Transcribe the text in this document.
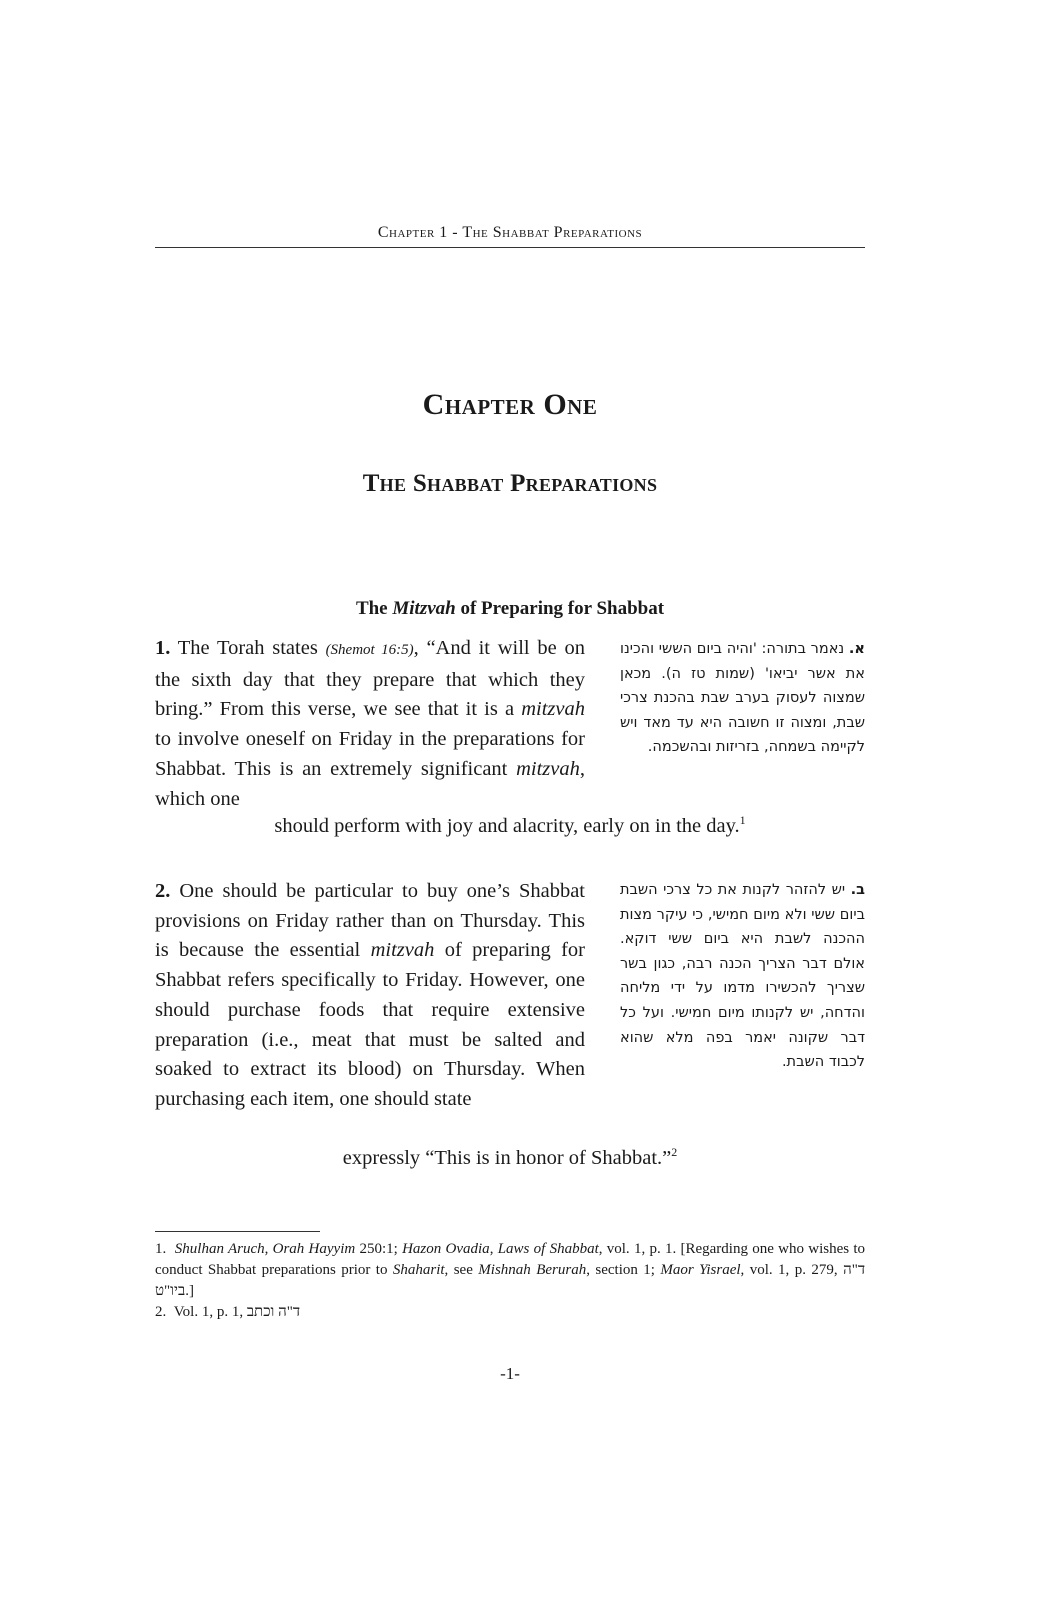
Chapter 1 - The Shabbat Preparations
Chapter One
The Shabbat Preparations
The Mitzvah of Preparing for Shabbat
1. The Torah states (Shemot 16:5), “And it will be on the sixth day that they prepare that which they bring.” From this verse, we see that it is a mitzvah to involve oneself on Friday in the preparations for Shabbat. This is an extremely significant mitzvah, which one
should perform with joy and alacrity, early on in the day.$^1$
א. נאמר בתורה: 'והיה ביום הששי והכינו את אשר יביאו' (שמות טז ה). מכאן שמצוה לעסוק בערב שבת בהכנת צרכי שבת, ומצוה זו חשובה היא עד מאד ויש לקיימה בשמחה, בזריזות ובהשכמה.
2. One should be particular to buy one’s Shabbat provisions on Friday rather than on Thursday. This is because the essential mitzvah of preparing for Shabbat refers specifically to Friday. However, one should purchase foods that require extensive preparation (i.e., meat that must be salted and soaked to extract its blood) on Thursday. When purchasing each item, one should state
expressly “This is in honor of Shabbat.”$^2$
ב. יש להזהר לקנות את כל צרכי השבת ביום ששי ולא מיום חמישי, כי עיקר מצות ההכנה לשבת היא ביום ששי דוקא. אולם דבר הצריך הכנה רבה, כגון בשר שצריך להכשירו מדמו על ידי מליחה והדחה, יש לקנותו מיום חמישי. ועל כל דבר שקונה יאמר בפה מלא שהוא לכבוד השבת.

1. Shulhan Aruch, Orah Hayyim 250:1; Hazon Ovadia, Laws of Shabbat, vol. 1, p. 1. [Regarding one who wishes to conduct Shabbat preparations prior to Shaharit, see Mishnah Berurah, section 1; Maor Yisrael, vol. 1, p. 279, ד"ה ביו"ט.]

2. Vol. 1, p. 1, ד"ה וכתב

-1-
